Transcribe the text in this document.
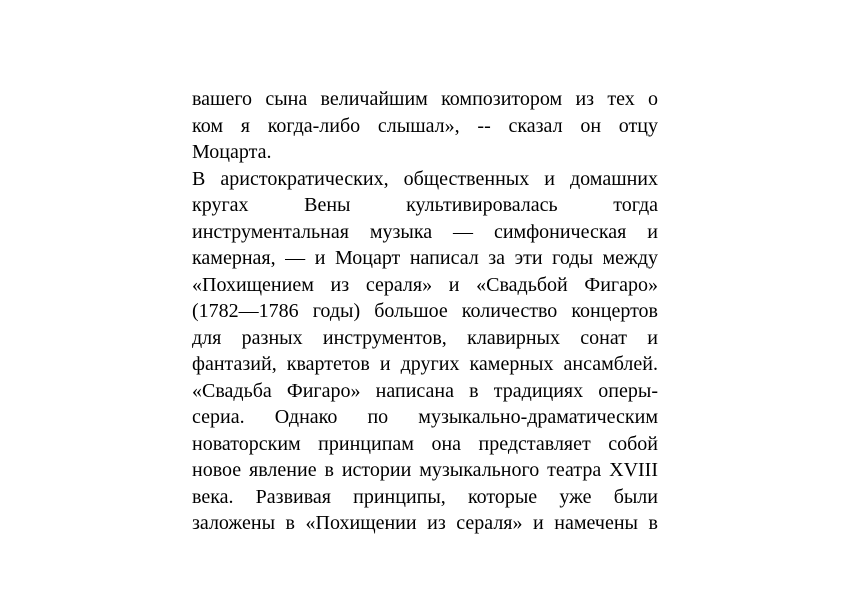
вашего сына величайшим композитором из тех о
ком я когда-либо слышал», -- сказал он отцу
Моцарта.
В аристократических, общественных и домашних
кругах Вены культивировалась тогда
инструментальная музыка — симфоническая и
камерная, — и Моцарт написал за эти годы между
«Похищением из сераля» и «Свадьбой Фигаро»
(1782—1786 годы) большое количество концертов
для разных инструментов, клавирных сонат и
фантазий, квартетов и других камерных ансамблей.
«Свадьба Фигаро» написана в традициях оперы-
сериа. Однако по музыкально-драматическим
новаторским принципам она представляет собой
новое явление в истории музыкального театра XVIII
века. Развивая принципы, которые уже были
заложены в «Похищении из сераля» и намечены в
